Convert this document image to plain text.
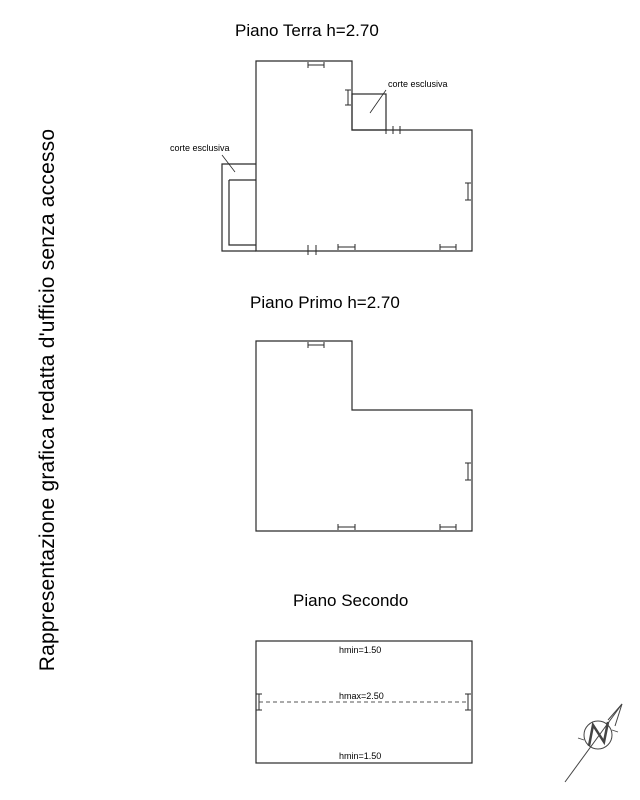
Rappresentazione grafica redatta d'ufficio senza accesso
Piano Terra h=2.70
Piano Primo h=2.70
Piano Secondo
corte esclusiva
corte esclusiva
hmin=1.50
hmax=2.50
hmin=1.50
